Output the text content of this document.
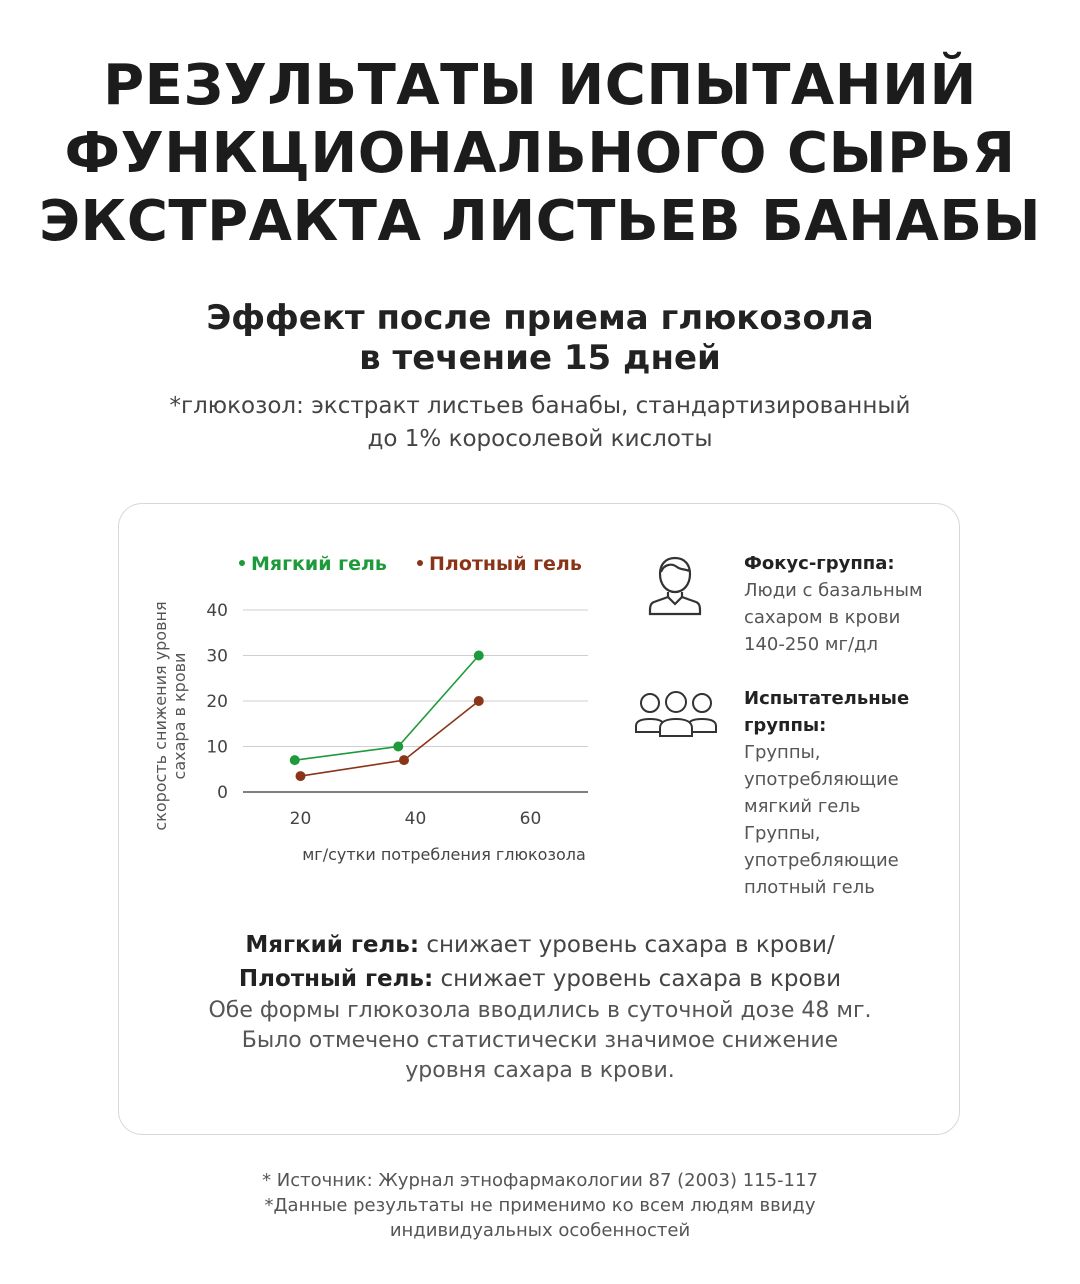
РЕЗУЛЬТАТЫ ИСПЫТАНИЙ
ФУНКЦИОНАЛЬНОГО СЫРЬЯ
ЭКСТРАКТА ЛИСТЬЕВ БАНАБЫ
Эффект после приема глюкозола
в течение 15 дней
*глюкозол: экстракт листьев банабы, стандартизированный
до 1% коросолевой кислоты
0
10
20
30
40
20	40	60
мг/сутки потребления глюкозола
скорость снижения уровнясахара в крови
Мягкий гель Плотный гель	Фокус-группа:
Люди с базальным
сахаром в крови
140-250 мг/дл
Испытательные
группы:
Группы,
употребляющие
мягкий гель
Группы,
употребляющие
плотный гель
Мягкий гель: снижает уровень сахара в крови/
Плотный гель: снижает уровень сахара в крови
Обе формы глюкозола вводились в суточной дозе 48 мг.
Было отмечено статистически значимое снижение
уровня сахара в крови.
* Источник: Журнал этнофармакологии 87 (2003) 115-117
*Данные результаты не применимо ко всем людям ввиду
индивидуальных особенностей
